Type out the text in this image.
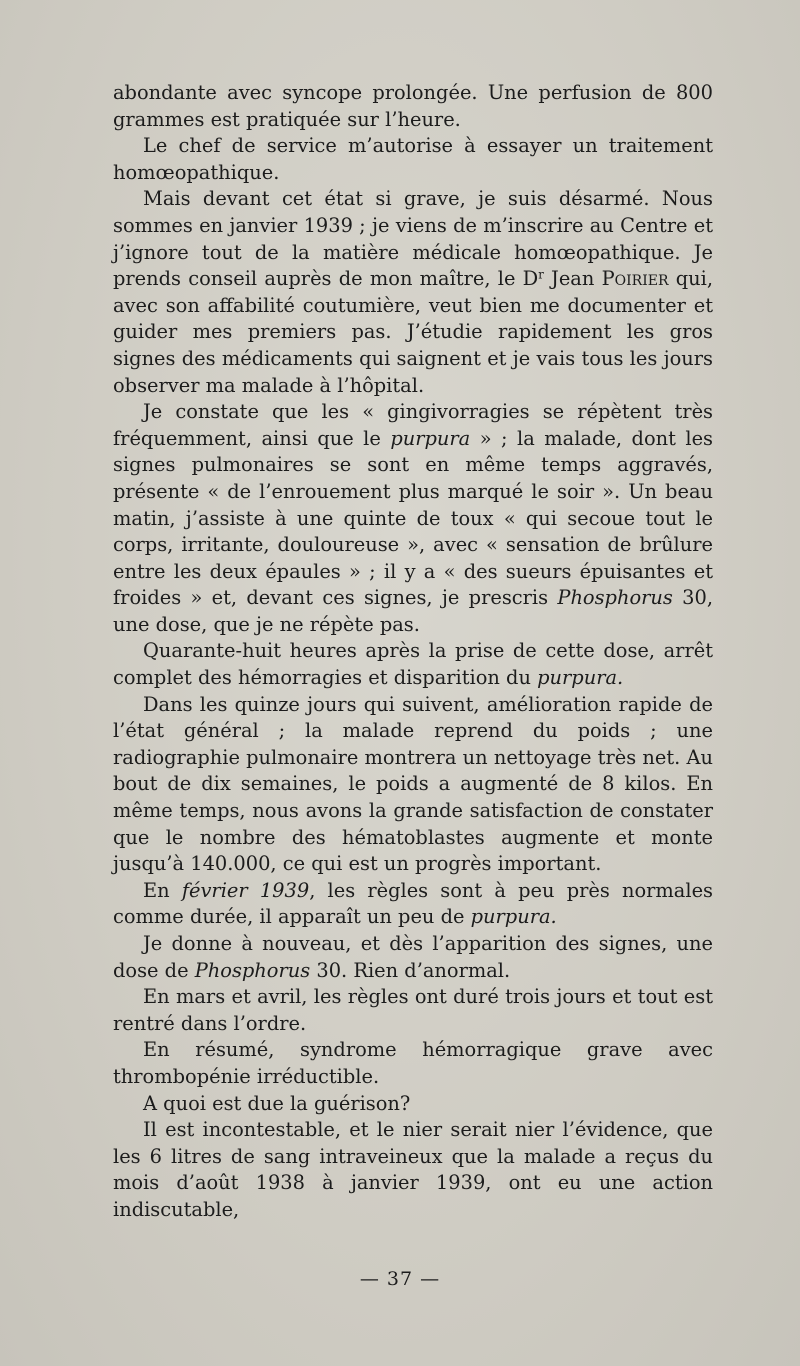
abondante avec syncope prolongée. Une perfusion de 800 grammes est pratiquée sur l’heure.

Le chef de service m’autorise à essayer un traitement homœopathique.

Mais devant cet état si grave, je suis désarmé. Nous sommes en janvier 1939 ; je viens de m’inscrire au Centre et j’ignore tout de la matière médicale homœopathique. Je prends conseil auprès de mon maître, le $D^r$ Jean Poirier qui, avec son affabilité coutumière, veut bien me documenter et guider mes premiers pas. J’étudie rapidement les gros signes des médicaments qui saignent et je vais tous les jours observer ma malade à l’hôpital.

Je constate que les « gingivorragies se répètent très fréquemment, ainsi que le purpura » ; la malade, dont les signes pulmonaires se sont en même temps aggravés, présente « de l’enrouement plus marqué le soir ». Un beau matin, j’assiste à une quinte de toux « qui secoue tout le corps, irritante, douloureuse », avec « sensation de brûlure entre les deux épaules » ; il y a « des sueurs épuisantes et froides » et, devant ces signes, je prescris Phosphorus 30, une dose, que je ne répète pas.

Quarante-huit heures après la prise de cette dose, arrêt complet des hémorragies et disparition du purpura.

Dans les quinze jours qui suivent, amélioration rapide de l’état général ; la malade reprend du poids ; une radiographie pulmonaire montrera un nettoyage très net. Au bout de dix semaines, le poids a augmenté de 8 kilos. En même temps, nous avons la grande satisfaction de constater que le nombre des hématoblastes augmente et monte jusqu’à 140.000, ce qui est un progrès important.

En février 1939, les règles sont à peu près normales comme durée, il apparaît un peu de purpura.

Je donne à nouveau, et dès l’apparition des signes, une dose de Phosphorus 30. Rien d’anormal.

En mars et avril, les règles ont duré trois jours et tout est rentré dans l’ordre.

En résumé, syndrome hémorragique grave avec thrombopénie irréductible.

A quoi est due la guérison?

Il est incontestable, et le nier serait nier l’évidence, que les 6 litres de sang intraveineux que la malade a reçus du mois d’août 1938 à janvier 1939, ont eu une action indiscutable,

— 37 —
